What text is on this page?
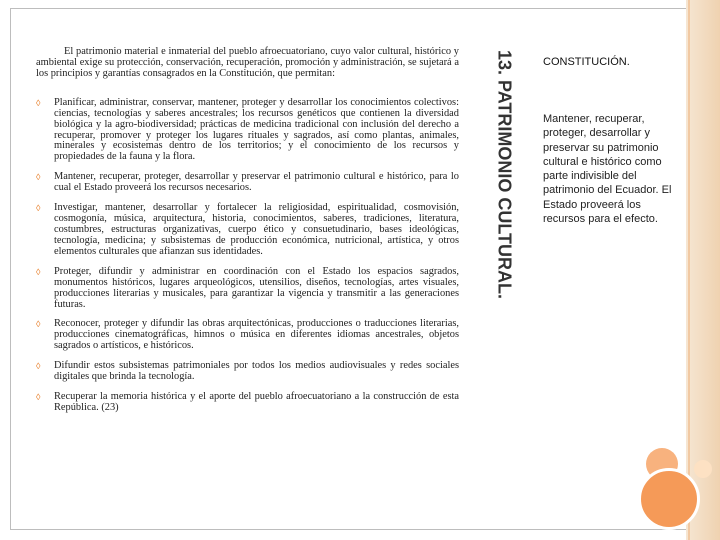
El patrimonio material e inmaterial del pueblo afroecuatoriano, cuyo valor cultural, histórico y ambiental exige su protección, conservación, recuperación, promoción y administración, se sujetará a los principios y garantías consagrados en la Constitución, que permitan:

◊	Planificar, administrar, conservar, mantener, proteger y desarrollar los conocimientos colectivos: ciencias, tecnologías y saberes ancestrales; los recursos genéticos que contienen la diversidad biológica y la agro-biodiversidad; prácticas de medicina tradicional con inclusión del derecho a recuperar, promover y proteger los lugares rituales y sagrados, así como plantas, animales, minerales y ecosistemas dentro de los territorios; y el conocimiento de los recursos y propiedades de la fauna y la flora.
◊	Mantener, recuperar, proteger, desarrollar y preservar el patrimonio cultural e histórico, para lo cual el Estado proveerá los recursos necesarios.
◊	Investigar, mantener, desarrollar y fortalecer la religiosidad, espiritualidad, cosmovisión, cosmogonía, música, arquitectura, historia, conocimientos, saberes, tradiciones, literatura, costumbres, estructuras organizativas, cuerpo ético y consuetudinario, bases ideológicas, tecnología, medicina; y subsistemas de producción económica, nutricional, artística, y otros elementos culturales que afianzan sus identidades.
◊	Proteger, difundir y administrar en coordinación con el Estado los espacios sagrados, monumentos históricos, lugares arqueológicos, utensilios, diseños, tecnologías, artes visuales, producciones literarias y musicales, para garantizar la vigencia y transmitir a las generaciones futuras.
◊	Reconocer, proteger y difundir las obras arquitectónicas, producciones o traducciones literarias, producciones cinematográficas, himnos o música en diferentes idiomas ancestrales, objetos sagrados o artísticos, e históricos.
◊	Difundir estos subsistemas patrimoniales por todos los medios audiovisuales y redes sociales digitales que brinda la tecnología.
◊	Recuperar la memoria histórica y el aporte del pueblo afroecuatoriano a la construcción de esta República. (23)
13. PATRIMONIO CULTURAL.	CONSTITUCIÓN.
Mantener, recuperar, proteger, desarrollar y preservar su patrimonio cultural e histórico como parte indivisible del patrimonio del Ecuador. El Estado proveerá los recursos para el efecto.
